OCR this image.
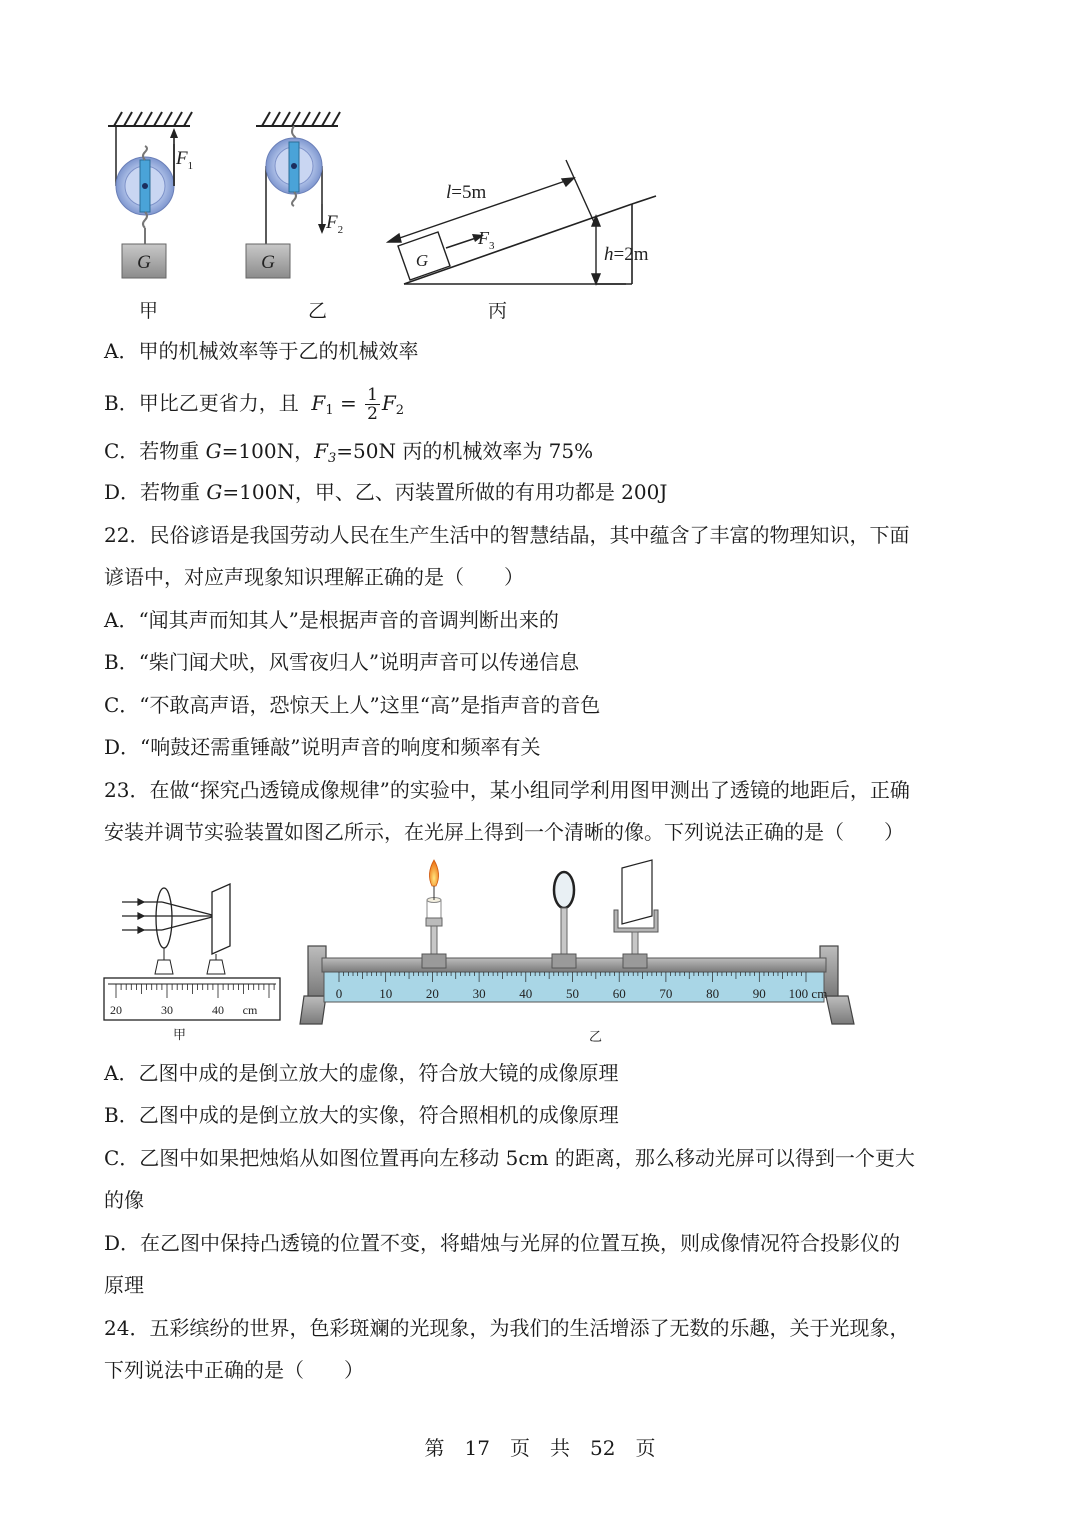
G
$F_1$
G
$F_2$
G
$F_3$
l=5m
h=2m
甲	乙	丙
A．甲的机械效率等于乙的机械效率
B．甲比乙更省力，且 $F_1 = \frac{1}{2} F_2$
C．若物重 G=100N，$F_3=50N$ 丙的机械效率为 75%
D．若物重 G=100N，甲、乙、丙装置所做的有用功都是 200J
22．民俗谚语是我国劳动人民在生产生活中的智慧结晶，其中蕴含了丰富的物理知识，下面
谚语中，对应声现象知识理解正确的是（　　）
A．“闻其声而知其人”是根据声音的音调判断出来的
B．“柴门闻犬吠，风雪夜归人”说明声音可以传递信息
C．“不敢高声语，恐惊天上人”这里“高”是指声音的音色
D．“响鼓还需重锤敲”说明声音的响度和频率有关
23．在做“探究凸透镜成像规律”的实验中，某小组同学利用图甲测出了透镜的地距后，正确
安装并调节实验装置如图乙所示，在光屏上得到一个清晰的像。下列说法正确的是（　　）
20	30	40 cm
甲
0	10	20	30	40	50	60	70	80	90 100 cm
乙
A．乙图中成的是倒立放大的虚像，符合放大镜的成像原理
B．乙图中成的是倒立放大的实像，符合照相机的成像原理
C．乙图中如果把烛焰从如图位置再向左移动 5cm 的距离，那么移动光屏可以得到一个更大
的像
D．在乙图中保持凸透镜的位置不变，将蜡烛与光屏的位置互换，则成像情况符合投影仪的
原理
24．五彩缤纷的世界，色彩斑斓的光现象，为我们的生活增添了无数的乐趣，关于光现象，
下列说法中正确的是（　　）
第　17　页　共　52　页
